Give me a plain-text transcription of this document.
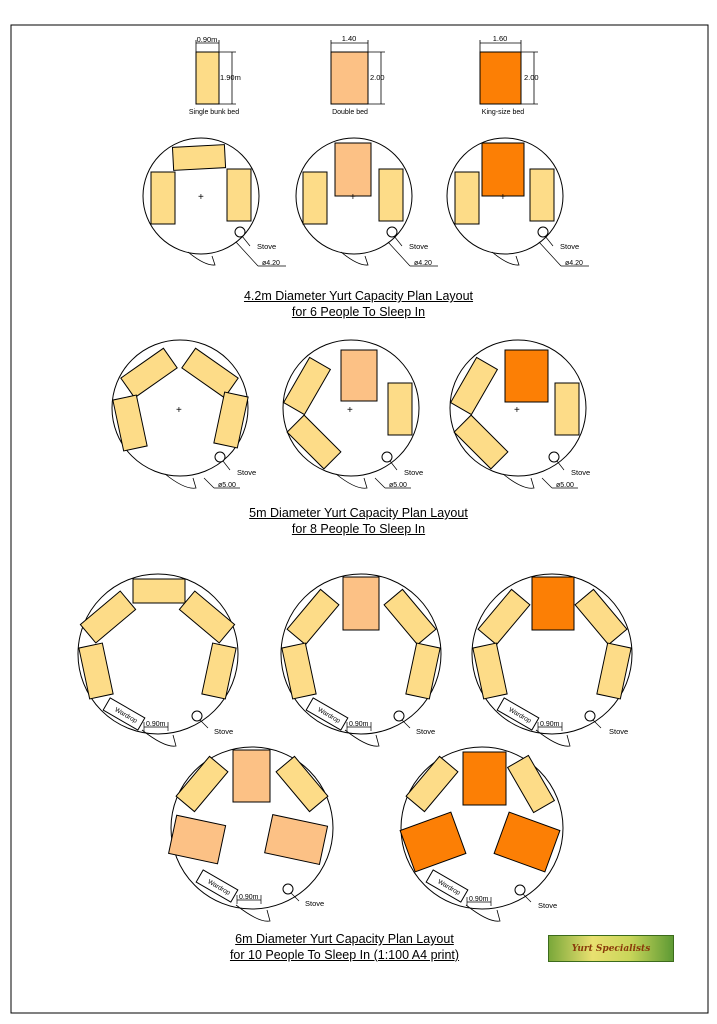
0.90m
1.90m
Single bunk bed
1.40
2.00
Double bed
1.60
2.00
King-size bed
+
Stove
ø4.20
+
Stove
ø4.20
+
Stove
ø4.20
+
Stove
ø5.00
+
Stove
ø5.00
+
Stove
ø5.00
Wardrop 0.90m
Stove
Wardrop 0.90m
Stove
Wardrop 0.90m
Stove
Wardrop
0.90m
Stove
Wardrop
0.90m
Stove
4.2m Diameter Yurt Capacity Plan Layout
for 6 People To Sleep In
5m Diameter Yurt Capacity Plan Layout
for 8 People To Sleep In
6m Diameter Yurt Capacity Plan Layout
for 10 People To Sleep In (1:100 A4 print)	Yurt Specialists
